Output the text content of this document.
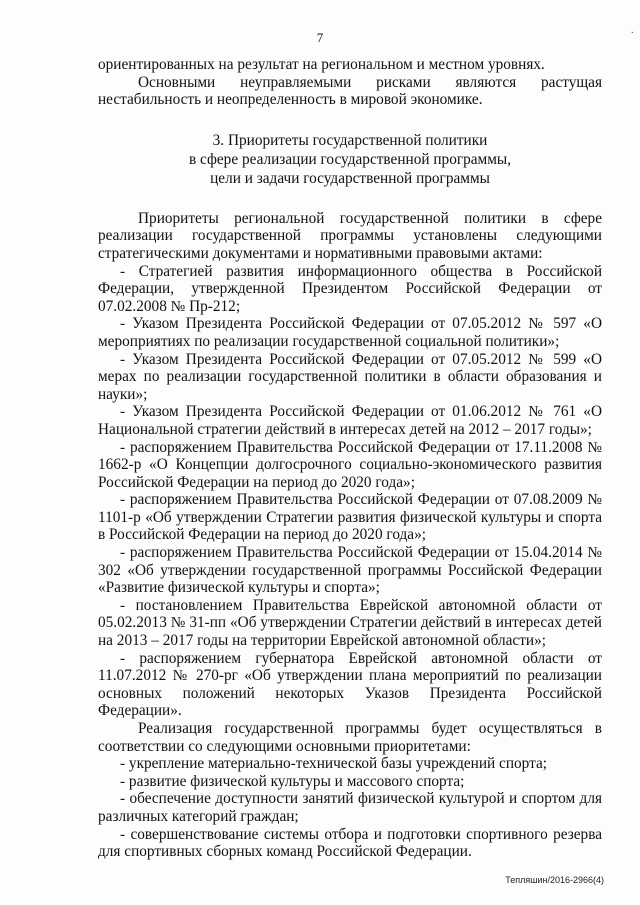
7	·

ориентированных на результат на региональном и местном уровнях.

Основными неуправляемыми рисками являются растущая нестабильность и неопределенность в мировой экономике.

3. Приоритеты государственной политики
в сфере реализации государственной программы,
цели и задачи государственной программы

Приоритеты региональной государственной политики в сфере реализации государственной программы установлены следующими стратегическими документами и нормативными правовыми актами:

- Стратегией развития информационного общества в Российской Федерации, утвержденной Президентом Российской Федерации от 07.02.2008 № Пр-212;

- Указом Президента Российской Федерации от 07.05.2012 № 597 «О мероприятиях по реализации государственной социальной политики»;

- Указом Президента Российской Федерации от 07.05.2012 № 599 «О мерах по реализации государственной политики в области образования и науки»;

- Указом Президента Российской Федерации от 01.06.2012 № 761 «О Национальной стратегии действий в интересах детей на 2012 – 2017 годы»;

- распоряжением Правительства Российской Федерации от 17.11.2008 № 1662-р «О Концепции долгосрочного социально-экономического развития Российской Федерации на период до 2020 года»;

- распоряжением Правительства Российской Федерации от 07.08.2009 № 1101-р «Об утверждении Стратегии развития физической культуры и спорта в Российской Федерации на период до 2020 года»;

- распоряжением Правительства Российской Федерации от 15.04.2014 № 302 «Об утверждении государственной программы Российской Федерации «Развитие физической культуры и спорта»;

- постановлением Правительства Еврейской автономной области от 05.02.2013 № 31-пп «Об утверждении Стратегии действий в интересах детей на 2013 – 2017 годы на территории Еврейской автономной области»;

- распоряжением губернатора Еврейской автономной области от 11.07.2012 № 270-рг «Об утверждении плана мероприятий по реализации основных положений некоторых Указов Президента Российской Федерации».

Реализация государственной программы будет осуществляться в соответствии со следующими основными приоритетами:

- укрепление материально-технической базы учреждений спорта;

- развитие физической культуры и массового спорта;

- обеспечение доступности занятий физической культурой и спортом для различных категорий граждан;

- совершенствование системы отбора и подготовки спортивного резерва для спортивных сборных команд Российской Федерации.

Тепляшин/2016-2966(4)
